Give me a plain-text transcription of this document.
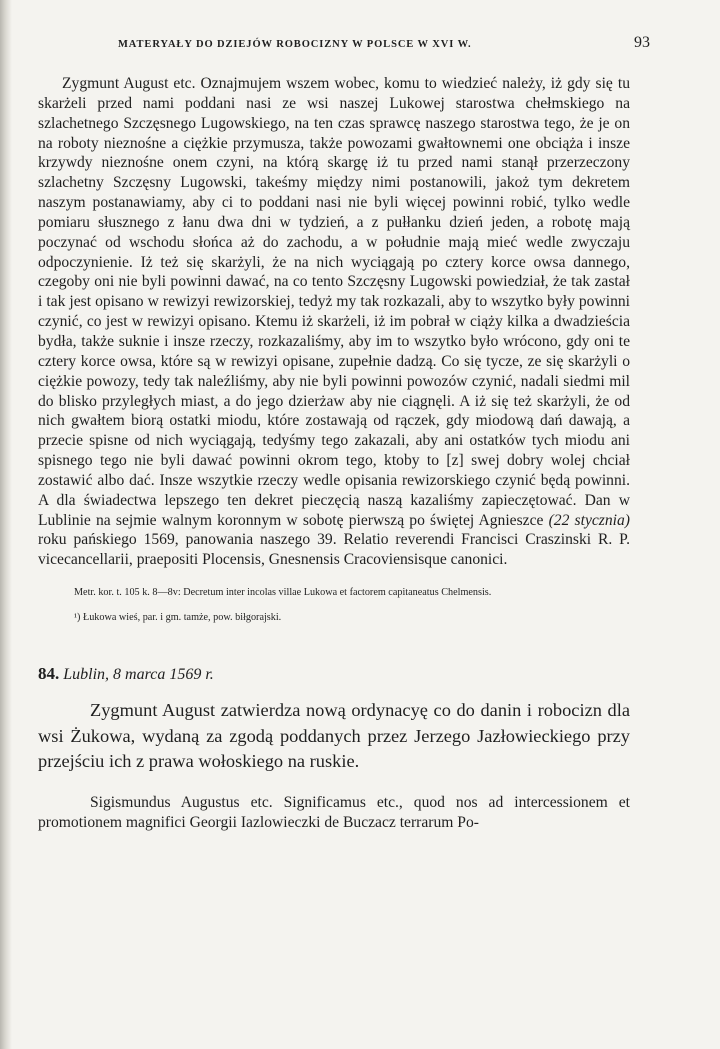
MATERYAŁY DO DZIEJÓW ROBOCIZNY W POLSCE W XVI W.	93

Zygmunt August etc. Oznajmujem wszem wobec, komu to wiedzieć należy, iż gdy się tu skarżeli przed nami poddani nasi ze wsi naszej Lukowej starostwa chełmskiego na szlachetnego Szczęsnego Lugowskiego, na ten czas sprawcę naszego starostwa tego, że je on na roboty nieznośne a ciężkie przymusza, także powozami gwałtownemi one obciąża i insze krzywdy nieznośne onem czyni, na którą skargę iż tu przed nami stanął przerzeczony szlachetny Szczęsny Lugowski, takeśmy między nimi postanowili, jakoż tym dekretem naszym postanawiamy, aby ci to poddani nasi nie byli więcej powinni robić, tylko wedle pomiaru słusznego z łanu dwa dni w tydzień, a z pułłanku dzień jeden, a robotę mają poczynać od wschodu słońca aż do zachodu, a w południe mają mieć wedle zwyczaju odpoczynienie. Iż też się skarżyli, że na nich wyciągają po cztery korce owsa dannego, czegoby oni nie byli powinni dawać, na co tento Szczęsny Lugowski powiedział, że tak zastał i tak jest opisano w rewizyi rewizorskiej, tedyż my tak rozkazali, aby to wszytko były powinni czynić, co jest w rewizyi opisano. Ktemu iż skarżeli, iż im pobrał w ciąży kilka a dwadzieścia bydła, także suknie i insze rzeczy, rozkazaliśmy, aby im to wszytko było wrócono, gdy oni te cztery korce owsa, które są w rewizyi opisane, zupełnie dadzą. Co się tycze, ze się skarżyli o ciężkie powozy, tedy tak naleźliśmy, aby nie byli powinni powozów czynić, nadali siedmi mil do blisko przyległych miast, a do jego dzierżaw aby nie ciągnęli. A iż się też skarżyli, że od nich gwałtem biorą ostatki miodu, które zostawają od rączek, gdy miodową dań dawają, a przecie spisne od nich wyciągają, tedyśmy tego zakazali, aby ani ostatków tych miodu ani spisnego tego nie byli dawać powinni okrom tego, ktoby to [z] swej dobry wolej chciał zostawić albo dać. Insze wszytkie rzeczy wedle opisania rewizorskiego czynić będą powinni. A dla świadectwa lepszego ten dekret pieczęcią naszą kazaliśmy zapieczętować. Dan w Lublinie na sejmie walnym koronnym w sobotę pierwszą po świętej Agnieszce (22 stycznia) roku pańskiego 1569, panowania naszego 39. Relatio reverendi Francisci Craszinski R. P. vicecancellarii, praepositi Plocensis, Gnesnensis Cracoviensisque canonici.

Metr. kor. t. 105 k. 8—8v: Decretum inter incolas villae Lukowa et factorem capitaneatus Chelmensis.

¹) Łukowa wieś, par. i gm. tamże, pow. biłgorajski.

84. Lublin, 8 marca 1569 r.

Zygmunt August zatwierdza nową ordynacyę co do danin i robocizn dla wsi Żukowa, wydaną za zgodą poddanych przez Jerzego Jazłowieckiego przy przejściu ich z prawa wołoskiego na ruskie.

Sigismundus Augustus etc. Significamus etc., quod nos ad intercessionem et promotionem magnifici Georgii Iazlowieczki de Buczacz terrarum Po-
